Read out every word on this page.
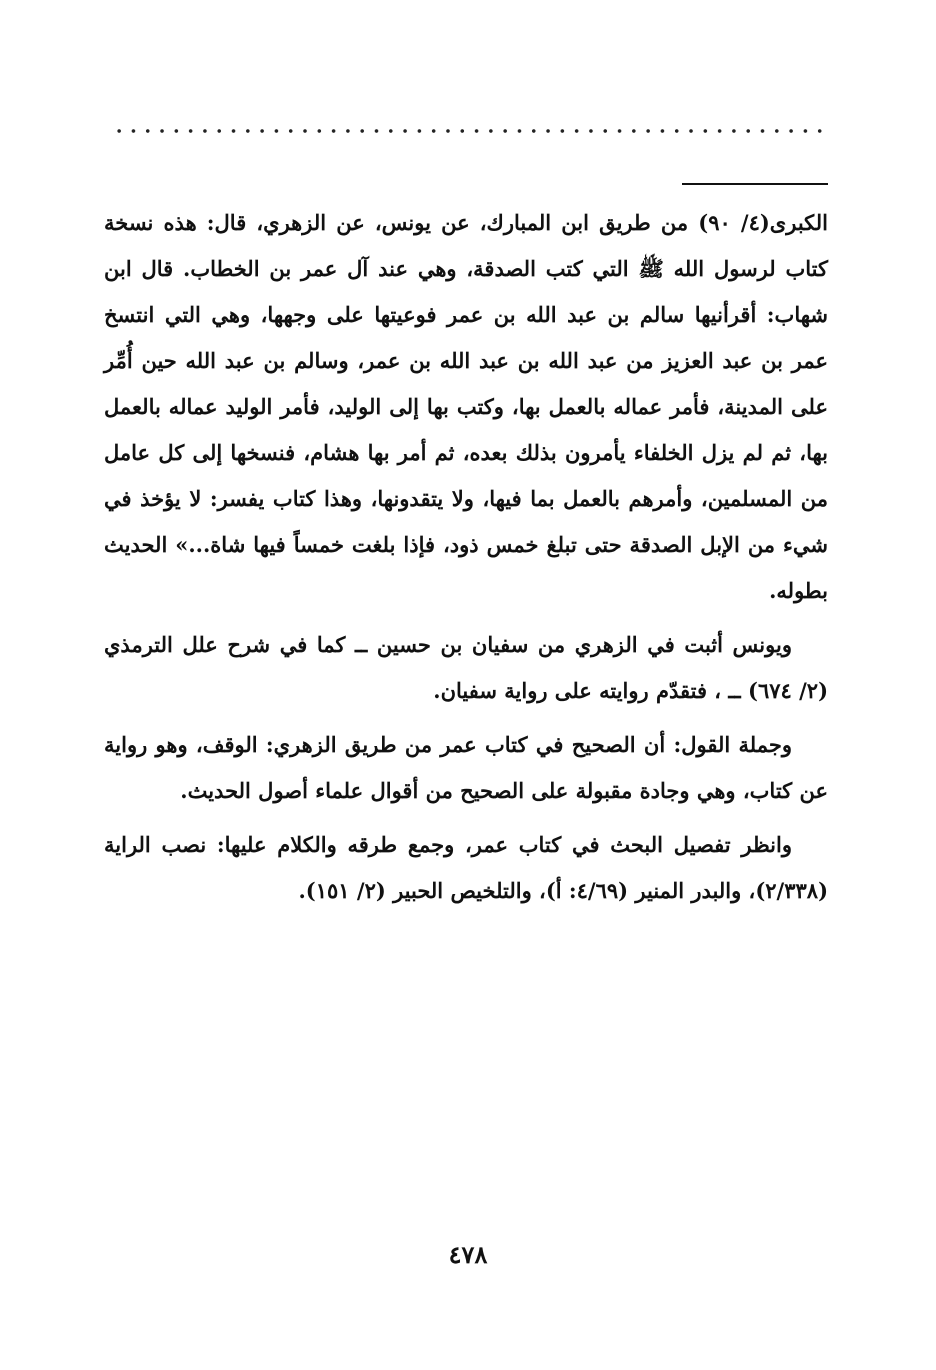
الكبرى(٤/ ٩٠) من طريق ابن المبارك، عن يونس، عن الزهري، قال: هذه نسخة كتاب لرسول الله ﷺ التي كتب الصدقة، وهي عند آل عمر بن الخطاب. قال ابن شهاب: أقرأنيها سالم بن عبد الله بن عمر فوعيتها على وجهها، وهي التي انتسخ عمر بن عبد العزيز من عبد الله بن عبد الله بن عمر، وسالم بن عبد الله حين أُمِّر على المدينة، فأمر عماله بالعمل بها، وكتب بها إلى الوليد، فأمر الوليد عماله بالعمل بها، ثم لم يزل الخلفاء يأمرون بذلك بعده، ثم أمر بها هشام، فنسخها إلى كل عامل من المسلمين، وأمرهم بالعمل بما فيها، ولا يتقدونها، وهذا كتاب يفسر: لا يؤخذ في شيء من الإبل الصدقة حتى تبلغ خمس ذود، فإذا بلغت خمساً فيها شاة...» الحديث بطوله.

ويونس أثبت في الزهري من سفيان بن حسين ــ كما في شرح علل الترمذي (٢/ ٦٧٤) ــ ، فتقدّم روايته على رواية سفيان.

وجملة القول: أن الصحيح في كتاب عمر من طريق الزهري: الوقف، وهو رواية عن كتاب، وهي وجادة مقبولة على الصحيح من أقوال علماء أصول الحديث.

وانظر تفصيل البحث في كتاب عمر، وجمع طرقه والكلام عليها: نصب الراية (٢/٣٣٨)، والبدر المنير (٤/٦٩: أ)، والتلخيص الحبير (٢/ ١٥١).

٤٧٨
